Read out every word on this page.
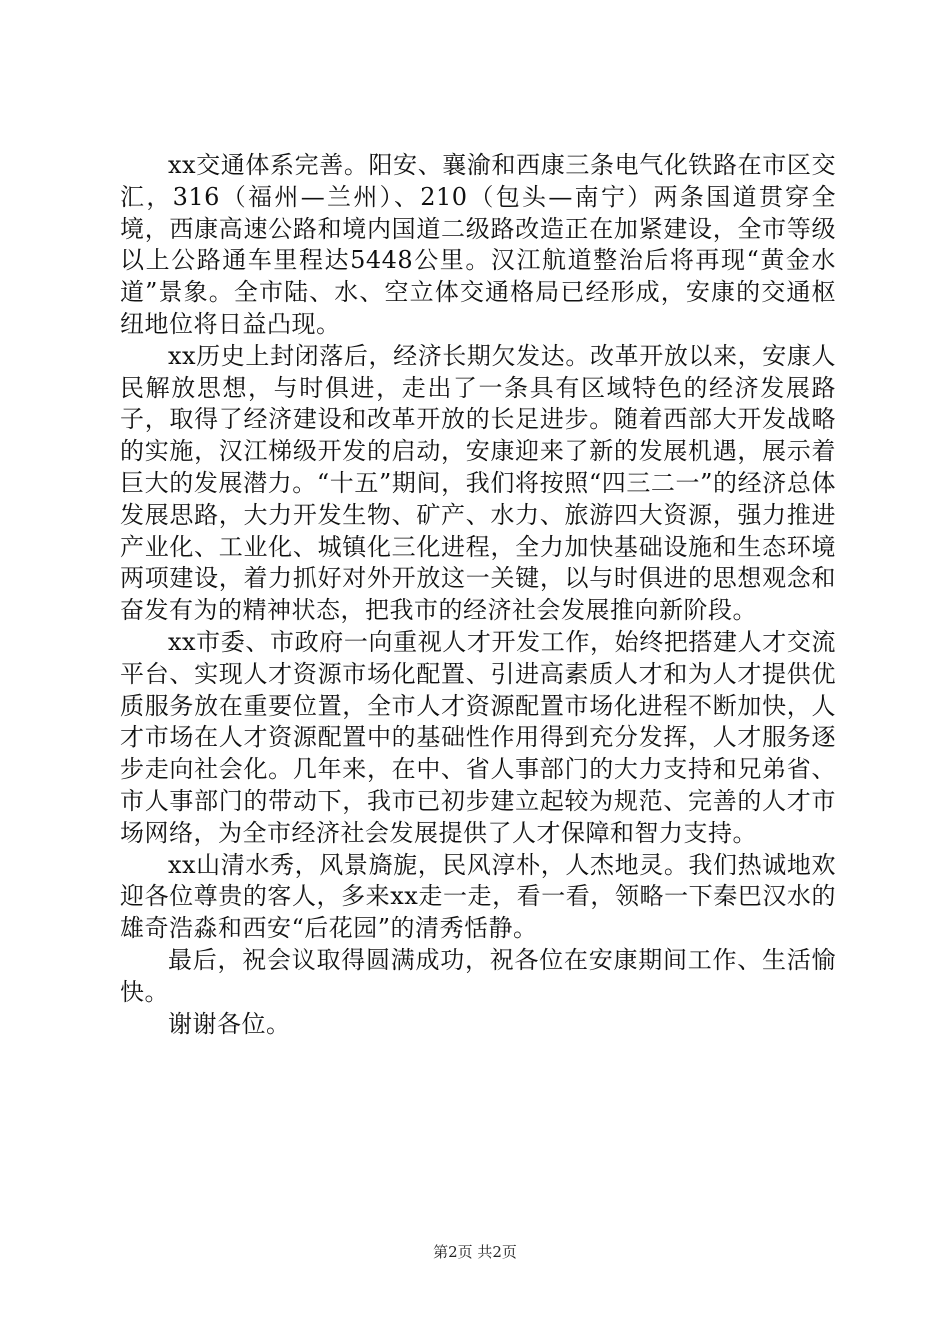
xx交通体系完善。阳安、襄渝和西康三条电气化铁路在市区交汇，316（福州—兰州）、210（包头—南宁）两条国道贯穿全境，西康高速公路和境内国道二级路改造正在加紧建设，全市等级以上公路通车里程达5448公里。汉江航道整治后将再现“黄金水道”景象。全市陆、水、空立体交通格局已经形成，安康的交通枢纽地位将日益凸现。

xx历史上封闭落后，经济长期欠发达。改革开放以来，安康人民解放思想，与时俱进，走出了一条具有区域特色的经济发展路子，取得了经济建设和改革开放的长足进步。随着西部大开发战略的实施，汉江梯级开发的启动，安康迎来了新的发展机遇，展示着巨大的发展潜力。“十五”期间，我们将按照“四三二一”的经济总体发展思路，大力开发生物、矿产、水力、旅游四大资源，强力推进产业化、工业化、城镇化三化进程，全力加快基础设施和生态环境两项建设，着力抓好对外开放这一关键，以与时俱进的思想观念和奋发有为的精神状态，把我市的经济社会发展推向新阶段。

xx市委、市政府一向重视人才开发工作，始终把搭建人才交流平台、实现人才资源市场化配置、引进高素质人才和为人才提供优质服务放在重要位置，全市人才资源配置市场化进程不断加快，人才市场在人才资源配置中的基础性作用得到充分发挥，人才服务逐步走向社会化。几年来，在中、省人事部门的大力支持和兄弟省、市人事部门的带动下，我市已初步建立起较为规范、完善的人才市场网络，为全市经济社会发展提供了人才保障和智力支持。

xx山清水秀，风景旖旎，民风淳朴，人杰地灵。我们热诚地欢迎各位尊贵的客人，多来xx走一走，看一看，领略一下秦巴汉水的雄奇浩淼和西安“后花园”的清秀恬静。

最后，祝会议取得圆满成功，祝各位在安康期间工作、生活愉快。

谢谢各位。

第2页 共2页
